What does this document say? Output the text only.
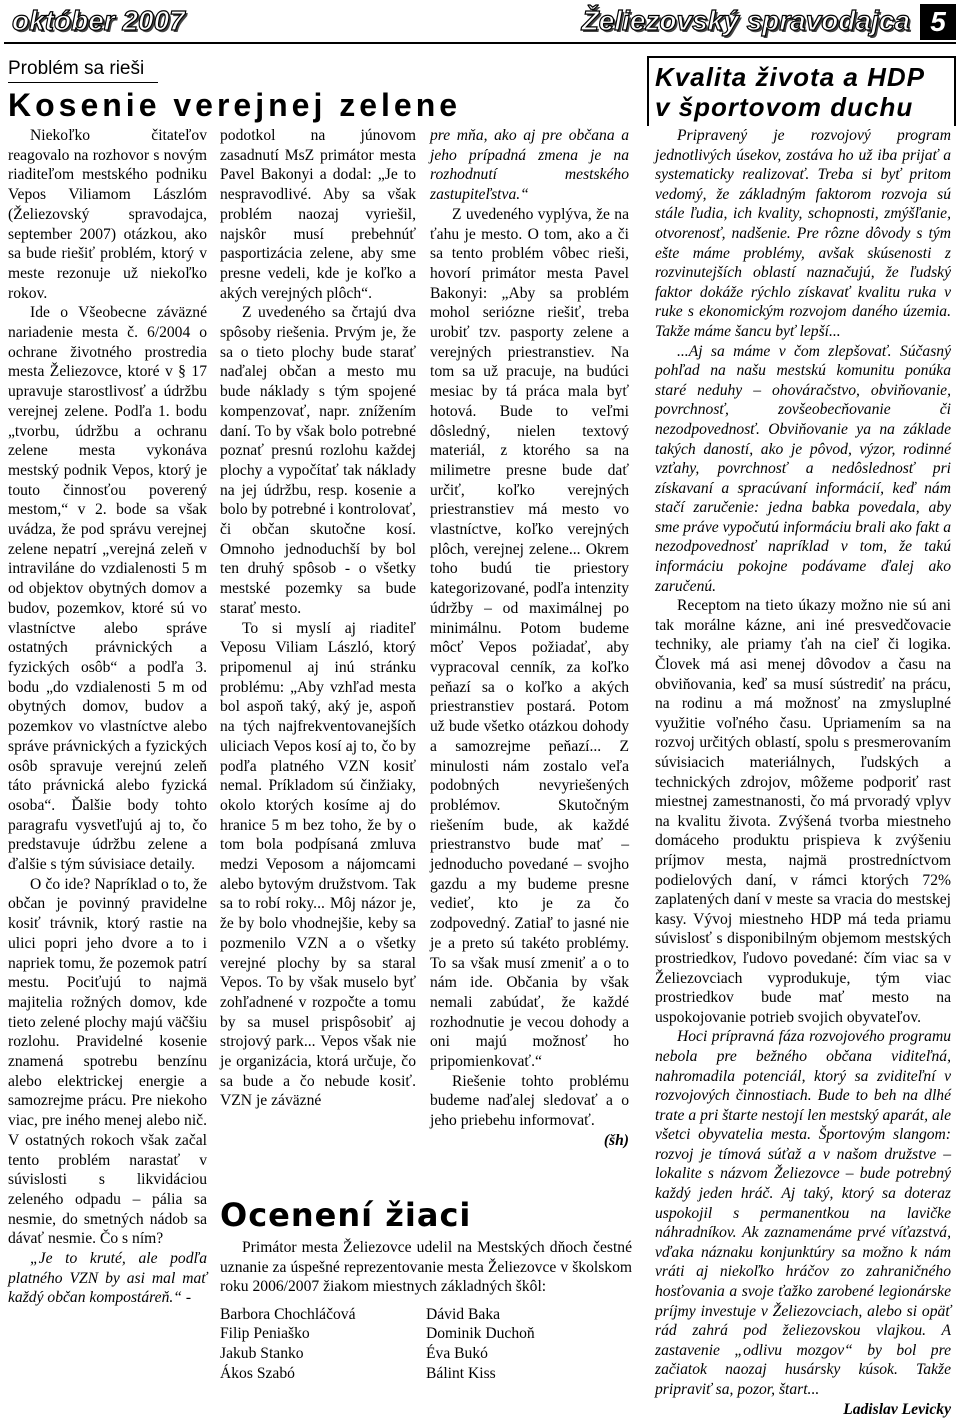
október 2007	Želiezovský spravodajca 5
Problém sa rieši
Kosenie verejnej zelene

Niekoľko čitateľov reagovalo na rozhovor s novým riaditeľom mestského podniku Vepos Viliamom Lászlóm (Želiezovský spravodajca, september 2007) otázkou, ako sa bude riešiť problém, ktorý v meste rezonuje už niekoľko rokov.

Ide o Všeobecne záväzné nariadenie mesta č. 6/2004 o ochrane životného prostredia mesta Želiezovce, ktoré v § 17 upravuje starostlivosť a údržbu verejnej zelene. Podľa 1. bodu „tvorbu, údržbu a ochranu zelene mesta vykonáva mestský podnik Vepos, ktorý je touto činnosťou poverený mestom,“ v 2. bode sa však uvádza, že pod správu verejnej zelene nepatrí „verejná zeleň v intraviláne do vzdialenosti 5 m od objektov obytných domov a budov, pozemkov, ktoré sú vo vlastníctve alebo správe ostatných právnických a fyzických osôb“ a podľa 3. bodu „do vzdialenosti 5 m od obytných domov, budov a pozemkov vo vlastníctve alebo správe právnických a fyzických osôb spravuje verejnú zeleň táto právnická alebo fyzická osoba“. Ďalšie body tohto paragrafu vysvetľujú aj to, čo predstavuje údržbu zelene a ďalšie s tým súvisiace detaily.

O čo ide? Napríklad o to, že občan je povinný pravidelne kosiť trávnik, ktorý rastie na ulici popri jeho dvore a to i napriek tomu, že pozemok patrí mestu. Pociťujú to najmä majitelia rožných domov, kde tieto zelené plochy majú väčšiu rozlohu. Pravidelné kosenie znamená spotrebu benzínu alebo elektrickej energie a samozrejme prácu. Pre niekoho viac, pre iného menej alebo nič. V ostatných rokoch však začal tento problém narastať v súvislosti s likvidáciou zeleného odpadu – pália sa nesmie, do smetných nádob sa dávať nesmie. Čo s ním?

„Je to kruté, ale podľa platného VZN by asi mal mať každý občan kompostáreň.“ -

podotkol na júnovom zasadnutí MsZ primátor mesta Pavel Bakonyi a dodal: „Je to nespravodlivé. Aby sa však problém naozaj vyriešil, najskôr musí prebehnúť pasportizácia zelene, aby sme presne vedeli, kde je koľko a akých verejných plôch“.

Z uvedeného sa črtajú dva spôsoby riešenia. Prvým je, že sa o tieto plochy bude starať naďalej občan a mesto mu bude náklady s tým spojené kompenzovať, napr. znížením daní. To by však bolo potrebné poznať presnú rozlohu každej plochy a vypočítať tak náklady na jej údržbu, resp. kosenie a bolo by potrebné i kontrolovať, či občan skutočne kosí. Omnoho jednoduchší by bol ten druhý spôsob - o všetky mestské pozemky sa bude starať mesto.

To si myslí aj riaditeľ Veposu Viliam László, ktorý pripomenul aj inú stránku problému: „Aby vzhľad mesta bol aspoň taký, aký je, aspoň na tých najfrekventovanejších uliciach Vepos kosí aj to, čo by podľa platného VZN kosiť nemal. Príkladom sú činžiaky, okolo ktorých kosíme aj do hranice 5 m bez toho, že by o tom bola podpísaná zmluva medzi Veposom a nájomcami alebo bytovým družstvom. Tak sa to robí roky... Môj názor je, že by bolo vhodnejšie, keby sa pozmenilo VZN a o všetky verejné plochy by sa staral Vepos. To by však muselo byť zohľadnené v rozpočte a tomu by sa musel prispôsobiť aj strojový park... Vepos však nie je organizácia, ktorá určuje, čo sa bude a čo nebude kosiť. VZN je záväzné

pre mňa, ako aj pre občana a jeho prípadná zmena je na rozhodnutí mestského zastupiteľstva.“

Z uvedeného vyplýva, že na ťahu je mesto. O tom, ako a či sa tento problém vôbec rieši, hovorí primátor mesta Pavel Bakonyi: „Aby sa problém mohol seriózne riešiť, treba urobiť tzv. pasporty zelene a verejných priestranstiev. Na tom sa už pracuje, na budúci mesiac by tá práca mala byť hotová. Bude to veľmi dôsledný, nielen textový materiál, z ktorého sa na milimetre presne bude dať určiť, koľko verejných priestranstiev má mesto vo vlastníctve, koľko verejných plôch, verejnej zelene... Okrem toho budú tie priestory kategorizované, podľa intenzity údržby – od maximálnej po minimálnu. Potom budeme môcť Vepos požiadať, aby vypracoval cenník, za koľko peňazí sa o koľko a akých priestranstiev postará. Potom už bude všetko otázkou dohody a samozrejme peňazí... Z minulosti nám zostalo veľa podobných nevyriešených problémov. Skutočným riešením bude, ak každé priestranstvo bude mať – jednoducho povedané – svojho gazdu a my budeme presne vedieť, kto je za čo zodpovedný. Zatiaľ to jasné nie je a preto sú takéto problémy. To sa však musí zmeniť a o to nám ide. Občania by však nemali zabúdať, že každé rozhodnutie je vecou dohody a oni majú možnosť ho pripomienkovať.“

Riešenie tohto problému budeme naďalej sledovať a o jeho priebehu informovať.

(šh)

Kvalita života a HDP
v športovom duchu

Pripravený je rozvojový program jednotlivých úsekov, zostáva ho už iba prijať a systematicky realizovať. Treba si byť pritom vedomý, že základným faktorom rozvoja sú stále ľudia, ich kvality, schopnosti, zmýšľanie, otvorenosť, nadšenie. Pre rôzne dôvody s tým ešte máme problémy, avšak skúsenosti z rozvinutejších oblastí naznačujú, že ľudský faktor dokáže rýchlo získavať kvalitu ruka v ruke s ekonomickým rozvojom daného územia. Takže máme šancu byť lepší...

...Aj sa máme v čom zlepšovať. Súčasný pohľad na našu mestskú komunitu ponúka staré neduhy – ohováračstvo, obviňovanie, povrchnosť, zovšeobecňovanie či nezodpovednosť. Obviňovanie ya na základe takých daností, ako je pôvod, výzor, rodinné vzťahy, povrchnosť a nedôslednosť pri získavaní a spracúvaní informácií, keď nám stačí zaručenie: jedna babka povedala, aby sme práve vypočutú informáciu brali ako fakt a nezodpovednosť napríklad v tom, že takú informáciu pokojne podávame ďalej ako zaručenú.

Receptom na tieto úkazy možno nie sú ani tak morálne kázne, ani iné presvedčovacie techniky, ale priamy ťah na cieľ či logika. Človek má asi menej dôvodov a času na obviňovania, keď sa musí sústrediť na prácu, na rodinu a má možnosť na zmysluplné využitie voľného času. Upriamením sa na rozvoj určitých oblastí, spolu s presmerovaním súvisiacich materiálnych, ľudských a technických zdrojov, môžeme podporiť rast miestnej zamestnanosti, čo má prvoradý vplyv na kvalitu života. Zvýšená tvorba miestneho domáceho produktu prispieva k zvýšeniu príjmov mesta, najmä prostredníctvom podielových daní, v rámci ktorých 72% zaplatených daní v meste sa vracia do mestskej kasy. Vývoj miestneho HDP má teda priamu súvislosť s disponibilným objemom mestských prostriedkov, ľudovo povedané: čím viac sa v Želiezovciach vyprodukuje, tým viac prostriedkov bude mať mesto na uspokojovanie potrieb svojich obyvateľov.

Hoci prípravná fáza rozvojového programu nebola pre bežného občana viditeľná, nahromadila potenciál, ktorý sa zviditeľní v rozvojových činnostiach. Bude to beh na dlhé trate a pri štarte nestojí len mestský aparát, ale všetci obyvatelia mesta. Športovým slangom: rozvoj je tímová súťaž a v našom družstve – lokalite s názvom Želiezovce – bude potrebný každý jeden hráč. Aj taký, ktorý sa doteraz uspokojil s permanentkou na lavičke náhradníkov. Ak zaznamenáme prvé víťazstvá, vďaka náznaku konjunktúry sa možno k nám vráti aj niekoľko hráčov zo zahraničného hosťovania a svoje ťažko zarobené legionárske príjmy investuje v Želiezovciach, alebo si opäť rád zahrá pod želiezovskou vlajkou. A zastavenie „odlivu mozgov“ by bol pre začiatok naozaj husársky kúsok. Takže pripraviť sa, pozor, štart...

Ladislav Levicky

Ocenení žiaci

Primátor mesta Želiezovce udelil na Mestských dňoch čestné uznanie za úspešné reprezentovanie mesta Želiezovce v školskom roku 2006/2007 žiakom miestnych základných škôl:

Barbora Chochláčová
Filip Peniaško
Jakub Stanko
Ákos Szabó
Dávid Baka
Dominik Duchoň
Éva Bukó
Bálint Kiss
